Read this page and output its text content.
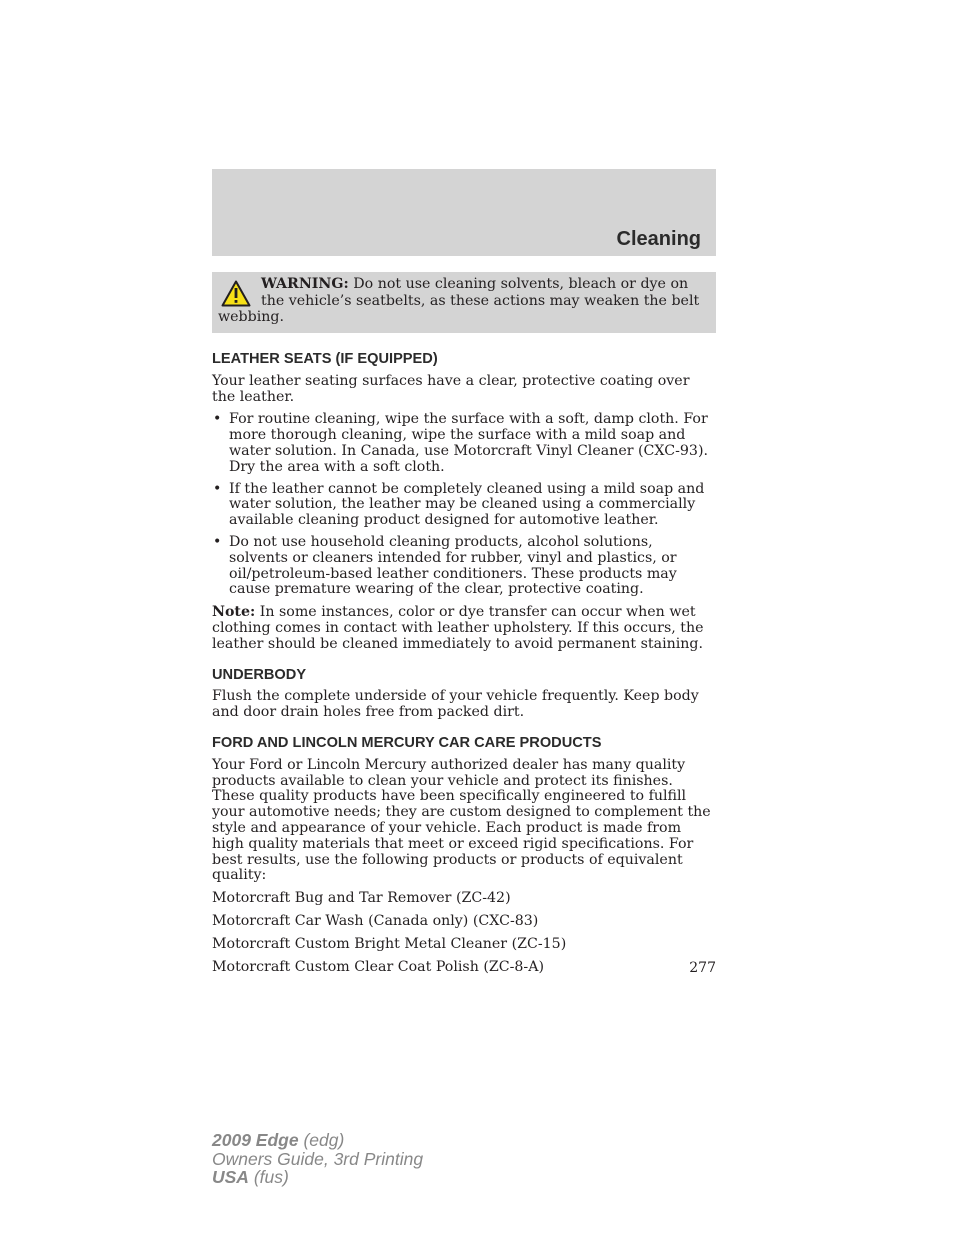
Cleaning
WARNING: Do not use cleaning solvents, bleach or dye on the vehicle’s seatbelts, as these actions may weaken the belt webbing.
LEATHER SEATS (IF EQUIPPED)

Your leather seating surfaces have a clear, protective coating over the leather.

• For routine cleaning, wipe the surface with a soft, damp cloth. For more thorough cleaning, wipe the surface with a mild soap and water solution. In Canada, use Motorcraft Vinyl Cleaner (CXC-93). Dry the area with a soft cloth.
• If the leather cannot be completely cleaned using a mild soap and water solution, the leather may be cleaned using a commercially available cleaning product designed for automotive leather.
• Do not use household cleaning products, alcohol solutions, solvents or cleaners intended for rubber, vinyl and plastics, or oil/petroleum-based leather conditioners. These products may cause premature wearing of the clear, protective coating.

Note: In some instances, color or dye transfer can occur when wet clothing comes in contact with leather upholstery. If this occurs, the leather should be cleaned immediately to avoid permanent staining.

UNDERBODY

Flush the complete underside of your vehicle frequently. Keep body and door drain holes free from packed dirt.

FORD AND LINCOLN MERCURY CAR CARE PRODUCTS

Your Ford or Lincoln Mercury authorized dealer has many quality products available to clean your vehicle and protect its finishes. These quality products have been specifically engineered to fulfill your automotive needs; they are custom designed to complement the style and appearance of your vehicle. Each product is made from high quality materials that meet or exceed rigid specifications. For best results, use the following products or products of equivalent quality:

Motorcraft Bug and Tar Remover (ZC-42)
Motorcraft Car Wash (Canada only) (CXC-83)
Motorcraft Custom Bright Metal Cleaner (ZC-15)
Motorcraft Custom Clear Coat Polish (ZC-8-A)	277
2009 Edge (edg)
Owners Guide, 3rd Printing
USA (fus)
